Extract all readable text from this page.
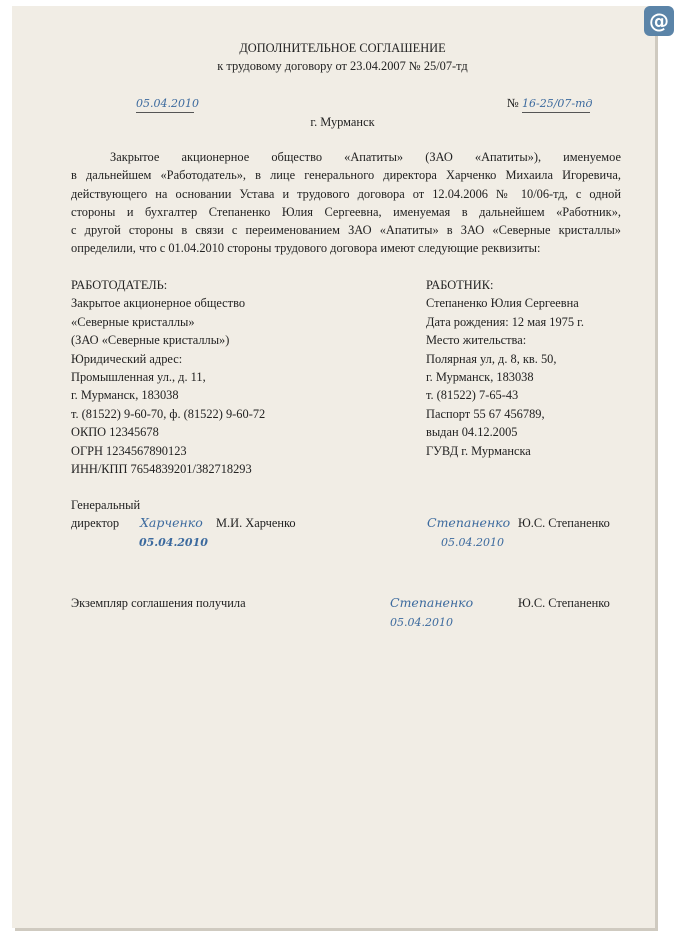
@
ДОПОЛНИТЕЛЬНОЕ СОГЛАШЕНИЕ
к трудовому договору от 23.04.2007 № 25/07-тд
05.04.2010	№ 16-25/07-тд
г. Мурманск
Закрытое акционерное общество «Апатиты» (ЗАО «Апатиты»), именуемое
в дальнейшем «Работодатель», в лице генерального директора Харченко Михаила Игоревича,
действующего на основании Устава и трудового договора от 12.04.2006 № 10/06-тд, с одной
стороны и бухгалтер Степаненко Юлия Сергеевна, именуемая в дальнейшем «Работник»,
с другой стороны в связи с переименованием ЗАО «Апатиты» в ЗАО «Северные кристаллы»
определили, что с 01.04.2010 стороны трудового договора имеют следующие реквизиты:
РАБОТОДАТЕЛЬ:
Закрытое акционерное общество
«Северные кристаллы»
(ЗАО «Северные кристаллы»)
Юридический адрес:
Промышленная ул., д. 11,
г. Мурманск, 183038
т. (81522) 9-60-70, ф. (81522) 9-60-72
ОКПО 12345678
ОГРН 1234567890123
ИНН/КПП 7654839201/382718293
РАБОТНИК:
Степаненко Юлия Сергеевна
Дата рождения: 12 мая 1975 г.
Место жительства:
Полярная ул, д. 8, кв. 50,
г. Мурманск, 183038
т. (81522) 7-65-43
Паспорт 55 67 456789,
выдан 04.12.2005
ГУВД г. Мурманска
Генеральный
директор Харченко М.И. Харченко
05.04.2010
Степаненко Ю.С. Степаненко
05.04.2010
Экземпляр соглашения получила	Степаненко	Ю.С. Степаненко
05.04.2010
